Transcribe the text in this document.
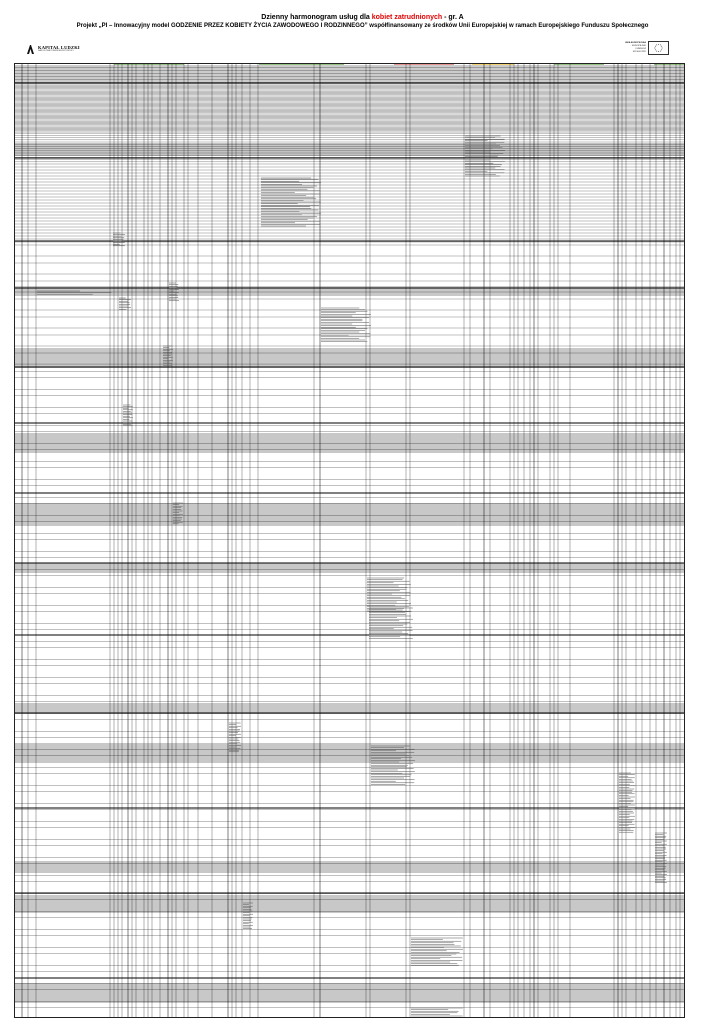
Dzienny harmonogram usług dla kobiet zatrudnionych - gr. A
Projekt „PI – Innowacyjny model GODZENIE PRZEZ KOBIETY ŻYCIA ZAWODOWEGO I RODZINNEGO” współfinansowany ze środków Unii Europejskiej w ramach Europejskiego Funduszu Społecznego
KAPITAŁ LUDZKI
NARODOWA STRATEGIA SPÓJNOŚCI
UNIA EUROPEJSKA
EUROPEJSKI
FUNDUSZ SPOŁECZNY
